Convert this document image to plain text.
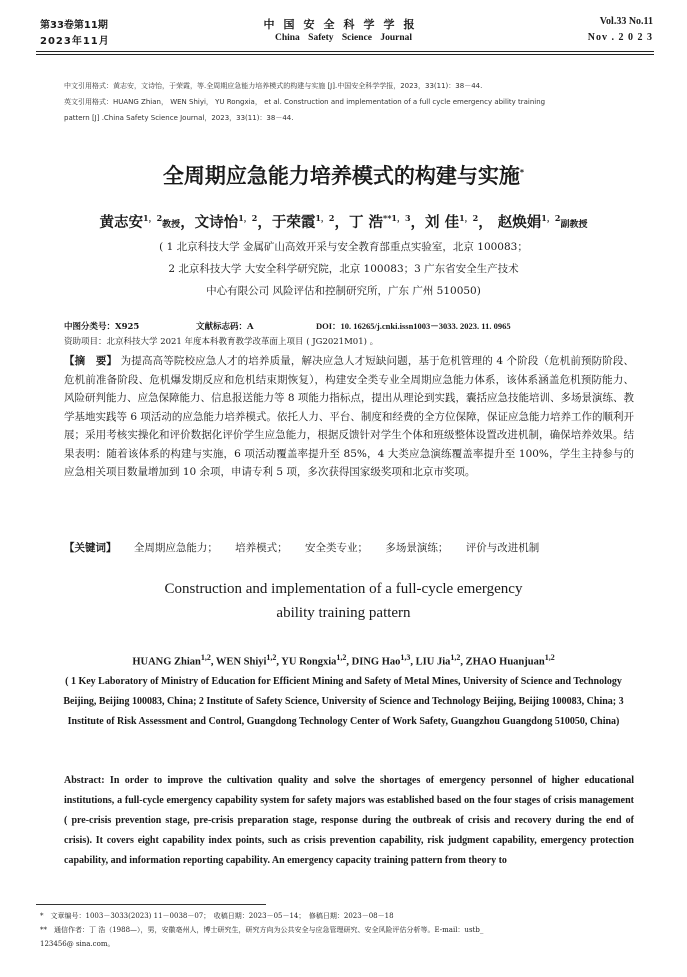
第33卷第11期
2023年11月
中国安全科学学报
China Safety Science Journal
Vol.33 No.11
Nov . 2 0 2 3
中文引用格式：黄志安，文诗怡，于荣霞，等.全周期应急能力培养模式的构建与实施 [J].中国安全科学学报，2023，33(11)：38－44.
英文引用格式：HUANG Zhian， WEN Shiyi， YU Rongxia， et al. Construction and implementation of a full cycle emergency ability training
pattern [J] .China Safety Science Journal，2023，33(11)：38－44.
全周期应急能力培养模式的构建与实施*
黄志安$^{1,2}$教授，文诗怡$^{1,2}$，于荣霞$^{1,2}$，丁 浩$^{**1,3}$，刘 佳$^{1,2}$， 赵焕娟$^{1,2}$副教授
( 1 北京科技大学 金属矿山高效开采与安全教育部重点实验室，北京 100083；
2 北京科技大学 大安全科学研究院，北京 100083；3 广东省安全生产技术
中心有限公司 风险评估和控制研究所，广东 广州 510050)
中图分类号：X925	文献标志码：A	DOI：10. 16265/j.cnki.issn1003－3033. 2023. 11. 0965
资助项目：北京科技大学 2021 年度本科教育教学改革面上项目 ( JG2021M01) 。
【摘　要】 为提高高等院校应急人才的培养质量，解决应急人才短缺问题，基于危机管理的 4 个阶段（危机前预防阶段、危机前准备阶段、危机爆发期反应和危机结束期恢复），构建安全类专业全周期应急能力体系，该体系涵盖危机预防能力、风险研判能力、应急保障能力、信息报送能力等 8 项能力指标点，提出从理论到实践，囊括应急技能培训、多场景演练、教学基地实践等 6 项活动的应急能力培养模式。依托人力、平台、制度和经费的全方位保障，保证应急能力培养工作的顺利开展；采用考核实操化和评价数据化评价学生应急能力，根据反馈针对学生个体和班级整体设置改进机制，确保培养效果。结果表明：随着该体系的构建与实施，6 项活动覆盖率提升至 85%，4 大类应急演练覆盖率提升至 100%，学生主持参与的应急相关项目数量增加到 10 余项，申请专利 5 项，多次获得国家级奖项和北京市奖项。
【关键词】 全周期应急能力； 培养模式； 安全类专业； 多场景演练； 评价与改进机制
Construction and implementation of a full-cycle emergency
ability training pattern
HUANG Zhian$^{1,2}$, WEN Shiyi$^{1,2}$, YU Rongxia$^{1,2}$, DING Hao$^{1,3}$, LIU Jia$^{1,2}$, ZHAO Huanjuan$^{1,2}$
( 1 Key Laboratory of Ministry of Education for Efficient Mining and Safety of Metal Mines, University of Science and Technology Beijing, Beijing 100083, China; 2 Institute of Safety Science, University of Science and Technology Beijing, Beijing 100083, China; 3 Institute of Risk Assessment and Control, Guangdong Technology Center of Work Safety, Guangzhou Guangdong 510050, China)
Abstract: In order to improve the cultivation quality and solve the shortages of emergency personnel of higher educational institutions, a full-cycle emergency capability system for safety majors was established based on the four stages of crisis management ( pre-crisis prevention stage, pre-crisis preparation stage, response during the outbreak of crisis and recovery during the end of crisis). It covers eight capability index points, such as crisis prevention capability, risk judgment capability, emergency protection capability, and information reporting capability. An emergency capacity training pattern from theory to
*　文章编号：1003－3033(2023) 11－0038－07；　收稿日期：2023－05－14；　修稿日期：2023－08－18
**　通信作者：丁 浩（1988—），男，安徽亳州人，博士研究生，研究方向为公共安全与应急管理研究、安全风险评估分析等。E-mail：ustb_
123456@ sina.com。
